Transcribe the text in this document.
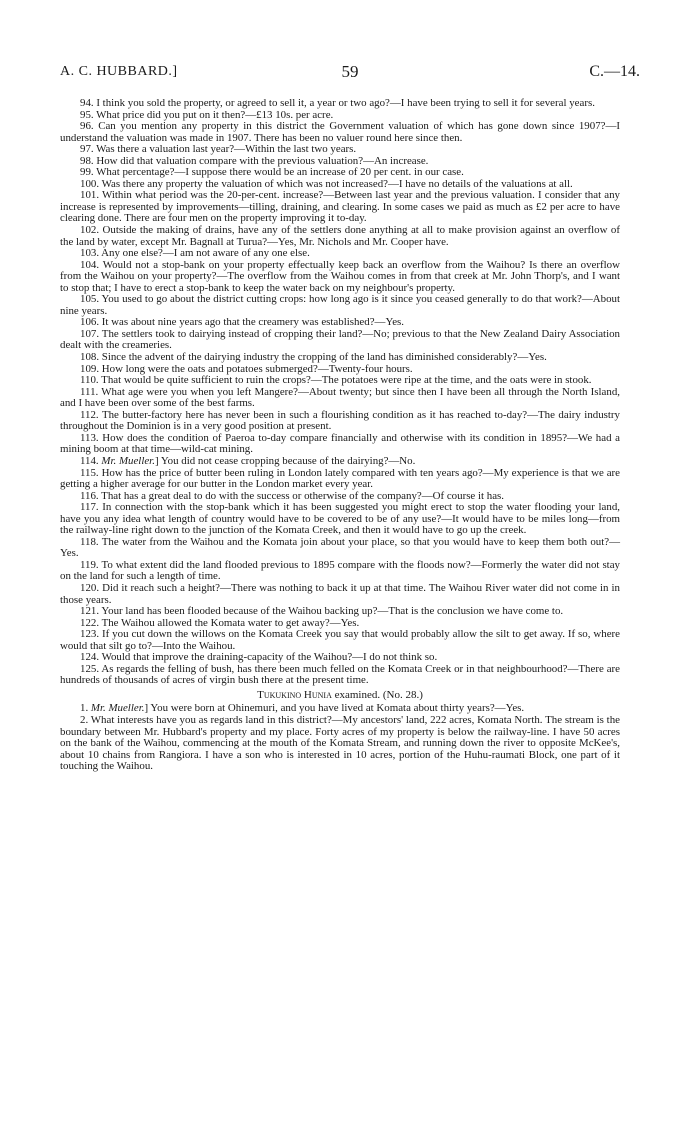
A. C. HUBBARD.]	59	C.—14.

94. I think you sold the property, or agreed to sell it, a year or two ago?—I have been trying to sell it for several years.

95. What price did you put on it then?—£13 10s. per acre.

96. Can you mention any property in this district the Government valuation of which has gone down since 1907?—I understand the valuation was made in 1907. There has been no valuer round here since then.

97. Was there a valuation last year?—Within the last two years.

98. How did that valuation compare with the previous valuation?—An increase.

99. What percentage?—I suppose there would be an increase of 20 per cent. in our case.

100. Was there any property the valuation of which was not increased?—I have no details of the valuations at all.

101. Within what period was the 20-per-cent. increase?—Between last year and the previous valuation. I consider that any increase is represented by improvements—tilling, draining, and clearing. In some cases we paid as much as £2 per acre to have clearing done. There are four men on the property improving it to-day.

102. Outside the making of drains, have any of the settlers done anything at all to make provision against an overflow of the land by water, except Mr. Bagnall at Turua?—Yes, Mr. Nichols and Mr. Cooper have.

103. Any one else?—I am not aware of any one else.

104. Would not a stop-bank on your property effectually keep back an overflow from the Waihou? Is there an overflow from the Waihou on your property?—The overflow from the Waihou comes in from that creek at Mr. John Thorp's, and I want to stop that; I have to erect a stop-bank to keep the water back on my neighbour's property.

105. You used to go about the district cutting crops: how long ago is it since you ceased generally to do that work?—About nine years.

106. It was about nine years ago that the creamery was established?—Yes.

107. The settlers took to dairying instead of cropping their land?—No; previous to that the New Zealand Dairy Association dealt with the creameries.

108. Since the advent of the dairying industry the cropping of the land has diminished considerably?—Yes.

109. How long were the oats and potatoes submerged?—Twenty-four hours.

110. That would be quite sufficient to ruin the crops?—The potatoes were ripe at the time, and the oats were in stook.

111. What age were you when you left Mangere?—About twenty; but since then I have been all through the North Island, and I have been over some of the best farms.

112. The butter-factory here has never been in such a flourishing condition as it has reached to-day?—The dairy industry throughout the Dominion is in a very good position at present.

113. How does the condition of Paeroa to-day compare financially and otherwise with its condition in 1895?—We had a mining boom at that time—wild-cat mining.

114. Mr. Mueller.] You did not cease cropping because of the dairying?—No.

115. How has the price of butter been ruling in London lately compared with ten years ago?—My experience is that we are getting a higher average for our butter in the London market every year.

116. That has a great deal to do with the success or otherwise of the company?—Of course it has.

117. In connection with the stop-bank which it has been suggested you might erect to stop the water flooding your land, have you any idea what length of country would have to be covered to be of any use?—It would have to be miles long—from the railway-line right down to the junction of the Komata Creek, and then it would have to go up the creek.

118. The water from the Waihou and the Komata join about your place, so that you would have to keep them both out?—Yes.

119. To what extent did the land flooded previous to 1895 compare with the floods now?—Formerly the water did not stay on the land for such a length of time.

120. Did it reach such a height?—There was nothing to back it up at that time. The Waihou River water did not come in in those years.

121. Your land has been flooded because of the Waihou backing up?—That is the conclusion we have come to.

122. The Waihou allowed the Komata water to get away?—Yes.

123. If you cut down the willows on the Komata Creek you say that would probably allow the silt to get away. If so, where would that silt go to?—Into the Waihou.

124. Would that improve the draining-capacity of the Waihou?—I do not think so.

125. As regards the felling of bush, has there been much felled on the Komata Creek or in that neighbourhood?—There are hundreds of thousands of acres of virgin bush there at the present time.

Tukukino Hunia examined. (No. 28.)

1. Mr. Mueller.] You were born at Ohinemuri, and you have lived at Komata about thirty years?—Yes.

2. What interests have you as regards land in this district?—My ancestors' land, 222 acres, Komata North. The stream is the boundary between Mr. Hubbard's property and my place. Forty acres of my property is below the railway-line. I have 50 acres on the bank of the Waihou, commencing at the mouth of the Komata Stream, and running down the river to opposite McKee's, about 10 chains from Rangiora. I have a son who is interested in 10 acres, portion of the Huhu-raumati Block, one part of it touching the Waihou.
